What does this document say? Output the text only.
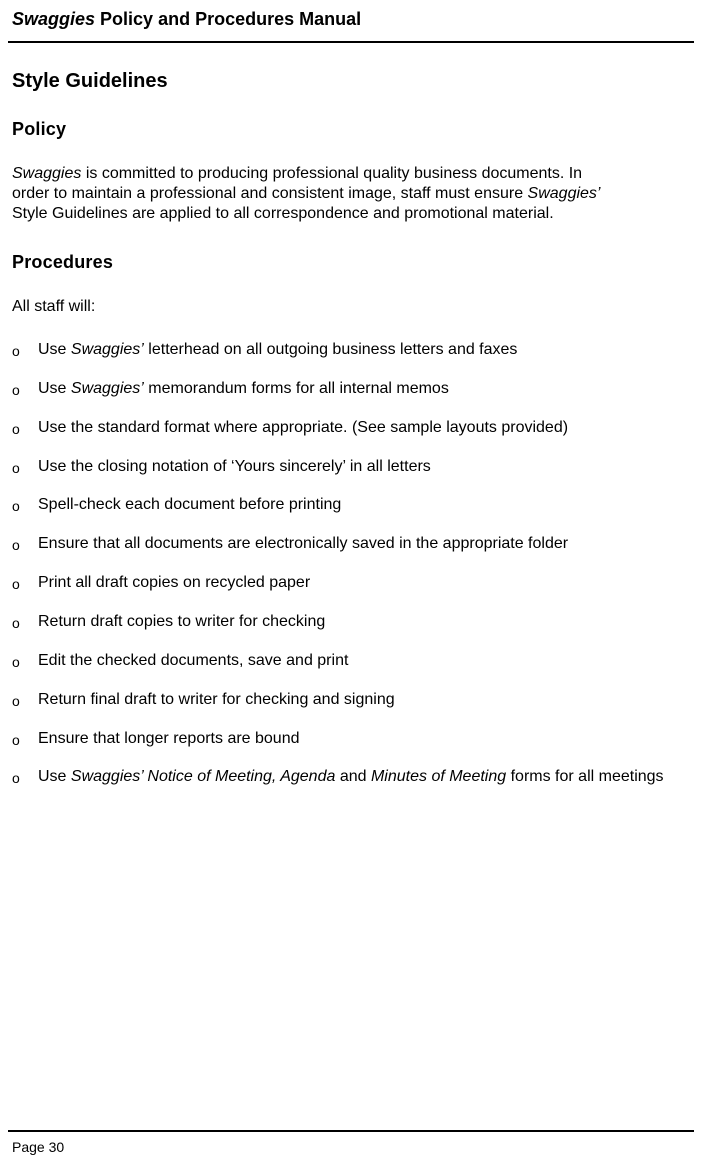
Swaggies Policy and Procedures Manual
Style Guidelines
Policy
Swaggies is committed to producing professional quality business documents. In
order to maintain a professional and consistent image, staff must ensure Swaggies’
Style Guidelines are applied to all correspondence and promotional material.
Procedures
All staff will:
o Use Swaggies’ letterhead on all outgoing business letters and faxes
o Use Swaggies’ memorandum forms for all internal memos
o Use the standard format where appropriate. (See sample layouts provided)
o Use the closing notation of ‘Yours sincerely’ in all letters
o Spell-check each document before printing
o Ensure that all documents are electronically saved in the appropriate folder
o Print all draft copies on recycled paper
o Return draft copies to writer for checking
o Edit the checked documents, save and print
o Return final draft to writer for checking and signing
o Ensure that longer reports are bound
o Use Swaggies’ Notice of Meeting, Agenda and Minutes of Meeting forms for all meetings
Page 30
